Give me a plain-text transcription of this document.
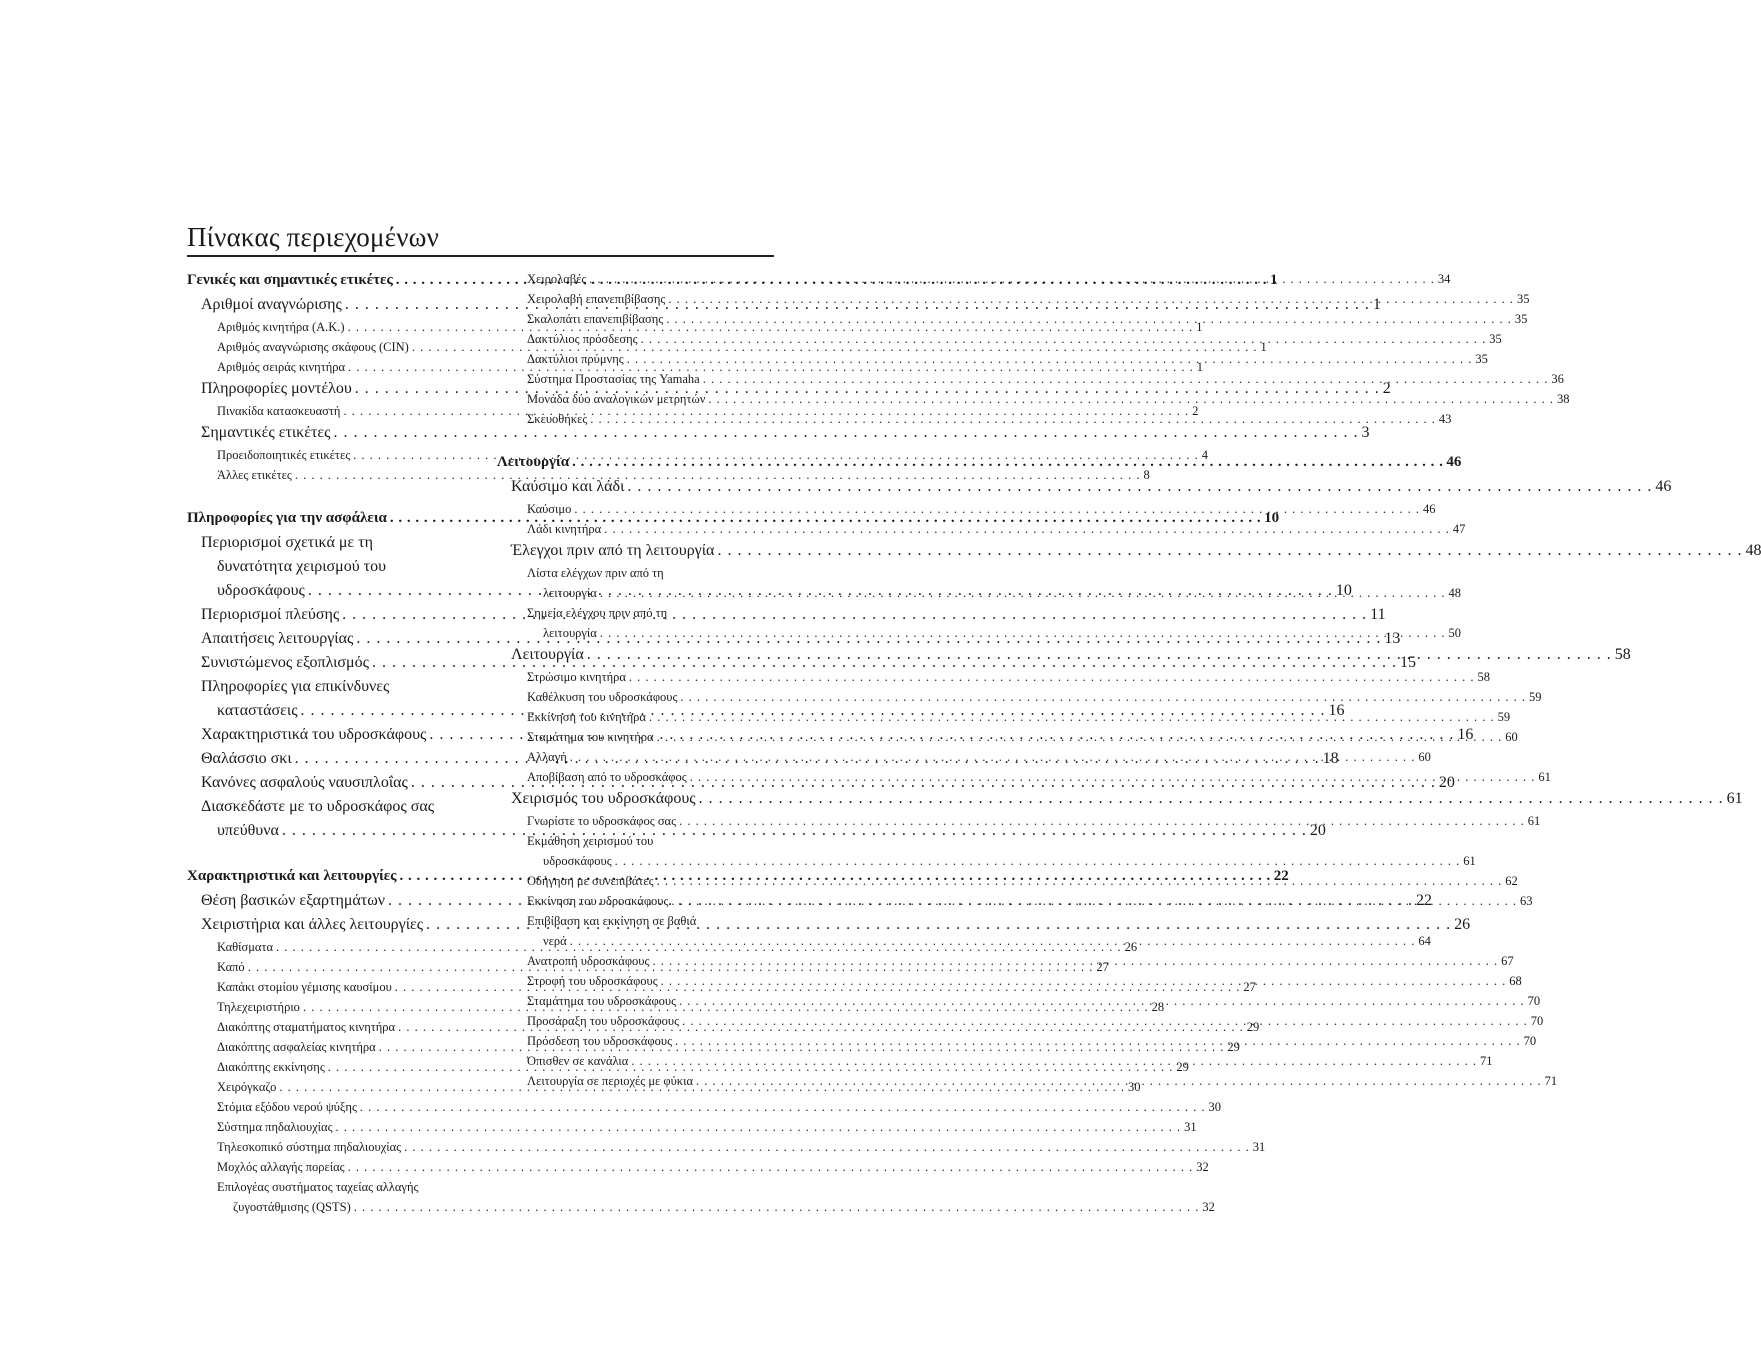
Πίνακας περιεχομένων
Γενικές και σημαντικές ετικέτες . . .	1
Αριθμοί αναγνώρισης . . .	1
Αριθμός κινητήρα (A.K.) . . .	1
Αριθμός αναγνώρισης σκάφους (CIN) . . .	1
Αριθμός σειράς κινητήρα . . .	1
Πληροφορίες μοντέλου . . .	2
Πινακίδα κατασκευαστή . . .	2
Σημαντικές ετικέτες . . .	3
Προειδοποιητικές ετικέτες . . .	4
Άλλες ετικέτες . . .	8
Πληροφορίες για την ασφάλεια . . .	10
Περιορισμοί σχετικά με τη
δυνατότητα χειρισμού του
υδροσκάφους . . .	10
Περιορισμοί πλεύσης . . .	11
Απαιτήσεις λειτουργίας . . .	13
Συνιστώμενος εξοπλισμός . . .	15
Πληροφορίες για επικίνδυνες
καταστάσεις . . .	16
Χαρακτηριστικά του υδροσκάφους . . .	16
Θαλάσσιο σκι . . .	18
Κανόνες ασφαλούς ναυσιπλοΐας . . .	20
Διασκεδάστε με το υδροσκάφος σας
υπεύθυνα . . .	20
Χαρακτηριστικά και λειτουργίες . . .	22
Θέση βασικών εξαρτημάτων . . .	22
Χειριστήρια και άλλες λειτουργίες . . .	26
Καθίσματα . . .	26
Καπό . . .	27
Καπάκι στομίου γέμισης καυσίμου . . .	27
Τηλεχειριστήριο . . .	28
Διακόπτης σταματήματος κινητήρα . . .	29
Διακόπτης ασφαλείας κινητήρα . . .	29
Διακόπτης εκκίνησης . . .	29
Χειρόγκαζο . . .	30
Στόμια εξόδου νερού ψύξης . . .	30
Σύστημα πηδαλιουχίας . . .	31
Τηλεσκοπικό σύστημα πηδαλιουχίας . . .	31
Μοχλός αλλαγής πορείας . . .	32
Επιλογέας συστήματος ταχείας αλλαγής
ζυγοστάθμισης (QSTS) . . .	32
Χειρολαβές . . .	34
Χειρολαβή επανεπιβίβασης . . .	35
Σκαλοπάτι επανεπιβίβασης . . .	35
Δακτύλιος πρόσδεσης . . .	35
Δακτύλιοι πρύμνης . . .	35
Σύστημα Προστασίας της Yamaha . . .	36
Μονάδα δύο αναλογικών μετρητών . . .	38
Σκευοθήκες . . .	43
Λειτουργία . . .	46
Καύσιμο και λάδι . . .	46
Καύσιμο . . .	46
Λάδι κινητήρα . . .	47
Έλεγχοι πριν από τη λειτουργία . . .	48
Λίστα ελέγχων πριν από τη
λειτουργία . . .	48
Σημεία ελέγχου πριν από τη
λειτουργία . . .	50
Λειτουργία . . .	58
Στρώσιμο κινητήρα . . .	58
Καθέλκυση του υδροσκάφους . . .	59
Εκκίνηση του κινητήρα . . .	59
Σταμάτημα του κινητήρα . . .	60
Αλλαγή . . .	60
Αποβίβαση από το υδροσκάφος . . .	61
Χειρισμός του υδροσκάφους . . .	61
Γνωρίστε το υδροσκάφος σας . . .	61
Εκμάθηση χειρισμού του
υδροσκάφους . . .	61
Οδήγηση με συνεπιβάτες . . .	62
Εκκίνηση του υδροσκάφους . . .	63
Επιβίβαση και εκκίνηση σε βαθιά
νερά . . .	64
Ανατροπή υδροσκάφους . . .	67
Στροφή του υδροσκάφους . . .	68
Σταμάτημα του υδροσκάφους . . .	70
Προσάραξη του υδροσκάφους . . .	70
Πρόσδεση του υδροσκάφους . . .	70
Όπισθεν σε κανάλια . . .	71
Λειτουργία σε περιοχές με φύκια . . .	71
